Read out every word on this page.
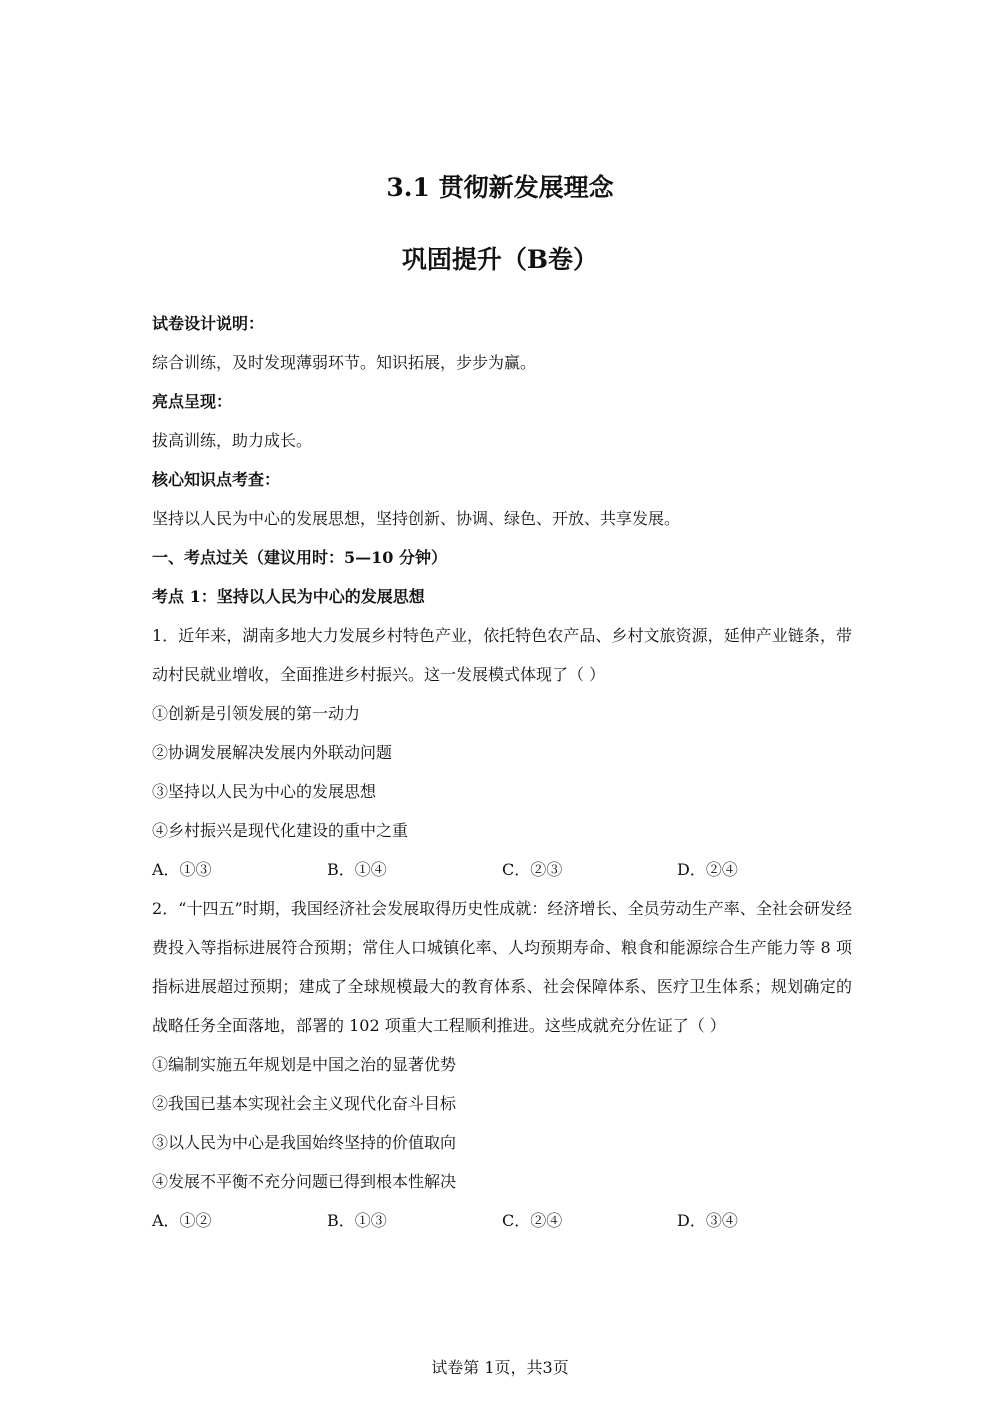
3.1 贯彻新发展理念
巩固提升（B卷）

试卷设计说明：

综合训练，及时发现薄弱环节。知识拓展，步步为赢。

亮点呈现：

拔高训练，助力成长。

核心知识点考查：

坚持以人民为中心的发展思想，坚持创新、协调、绿色、开放、共享发展。

一、考点过关（建议用时：5—10 分钟）

考点 1：坚持以人民为中心的发展思想

1．近年来，湖南多地大力发展乡村特色产业，依托特色农产品、乡村文旅资源，延伸产业链条，带动村民就业增收，全面推进乡村振兴。这一发展模式体现了（ ）

①创新是引领发展的第一动力

②协调发展解决发展内外联动问题

③坚持以人民为中心的发展思想

④乡村振兴是现代化建设的重中之重

A．①③	B．①④	C．②③	D．②④

2．“十四五”时期，我国经济社会发展取得历史性成就：经济增长、全员劳动生产率、全社会研发经费投入等指标进展符合预期；常住人口城镇化率、人均预期寿命、粮食和能源综合生产能力等 8 项指标进展超过预期；建成了全球规模最大的教育体系、社会保障体系、医疗卫生体系；规划确定的战略任务全面落地，部署的 102 项重大工程顺利推进。这些成就充分佐证了（ ）

①编制实施五年规划是中国之治的显著优势

②我国已基本实现社会主义现代化奋斗目标

③以人民为中心是我国始终坚持的价值取向

④发展不平衡不充分问题已得到根本性解决

A．①②	B．①③	C．②④	D．③④

试卷第 1页，共3页
